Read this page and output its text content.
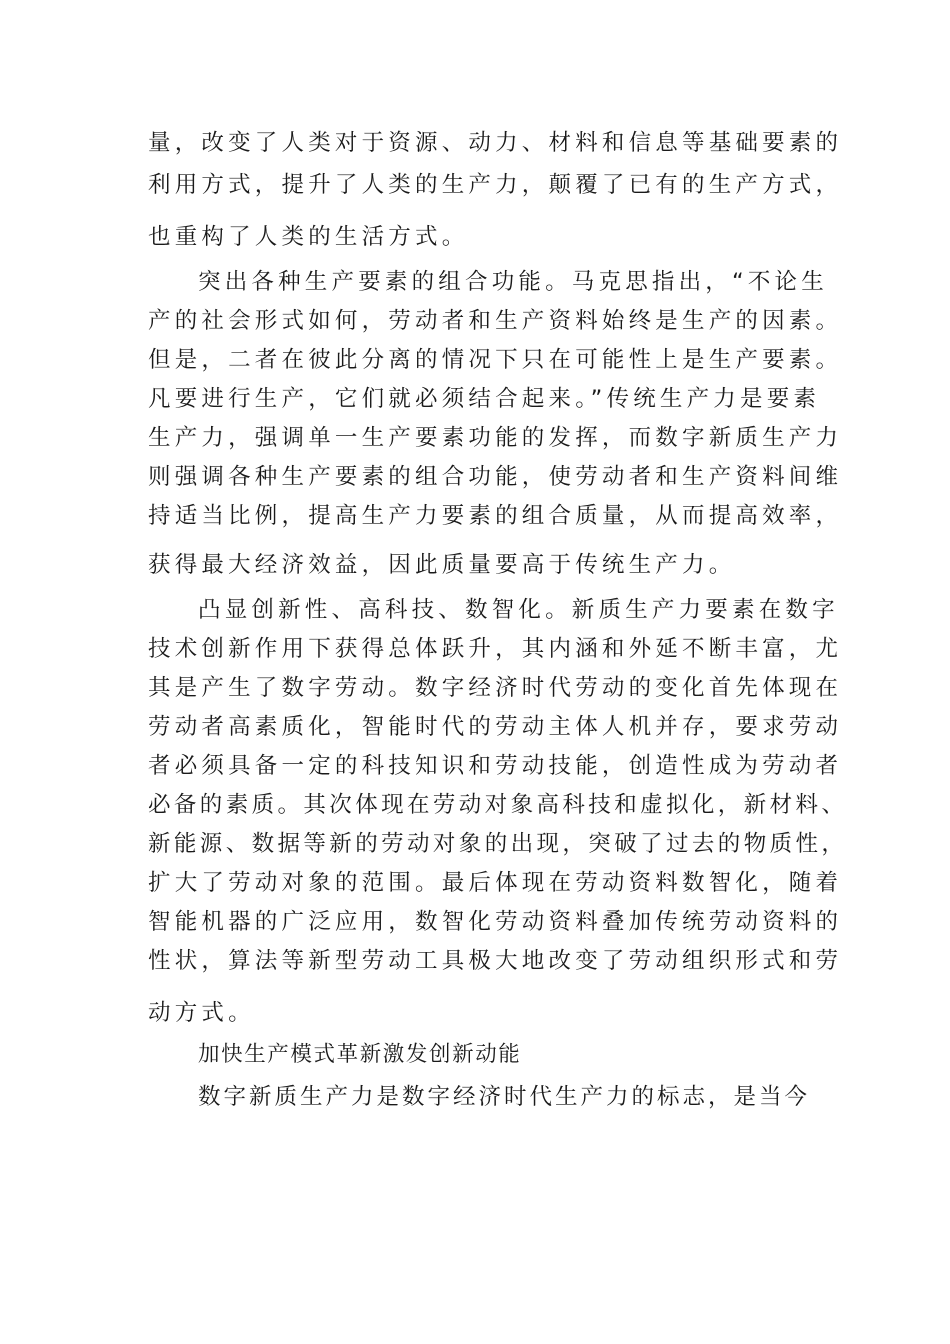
量，改变了人类对于资源、动力、材料和信息等基础要素的
利用方式，提升了人类的生产力，颠覆了已有的生产方式，
也重构了人类的生活方式。
突出各种生产要素的组合功能。马克思指出，“不论生
产的社会形式如何，劳动者和生产资料始终是生产的因素。
但是，二者在彼此分离的情况下只在可能性上是生产要素。
凡要进行生产，它们就必须结合起来。”传统生产力是要素
生产力，强调单一生产要素功能的发挥，而数字新质生产力
则强调各种生产要素的组合功能，使劳动者和生产资料间维
持适当比例，提高生产力要素的组合质量，从而提高效率，
获得最大经济效益，因此质量要高于传统生产力。
凸显创新性、高科技、数智化。新质生产力要素在数字
技术创新作用下获得总体跃升，其内涵和外延不断丰富，尤
其是产生了数字劳动。数字经济时代劳动的变化首先体现在
劳动者高素质化，智能时代的劳动主体人机并存，要求劳动
者必须具备一定的科技知识和劳动技能，创造性成为劳动者
必备的素质。其次体现在劳动对象高科技和虚拟化，新材料、
新能源、数据等新的劳动对象的出现，突破了过去的物质性，
扩大了劳动对象的范围。最后体现在劳动资料数智化，随着
智能机器的广泛应用，数智化劳动资料叠加传统劳动资料的
性状，算法等新型劳动工具极大地改变了劳动组织形式和劳
动方式。
加快生产模式革新激发创新动能
数字新质生产力是数字经济时代生产力的标志，是当今
